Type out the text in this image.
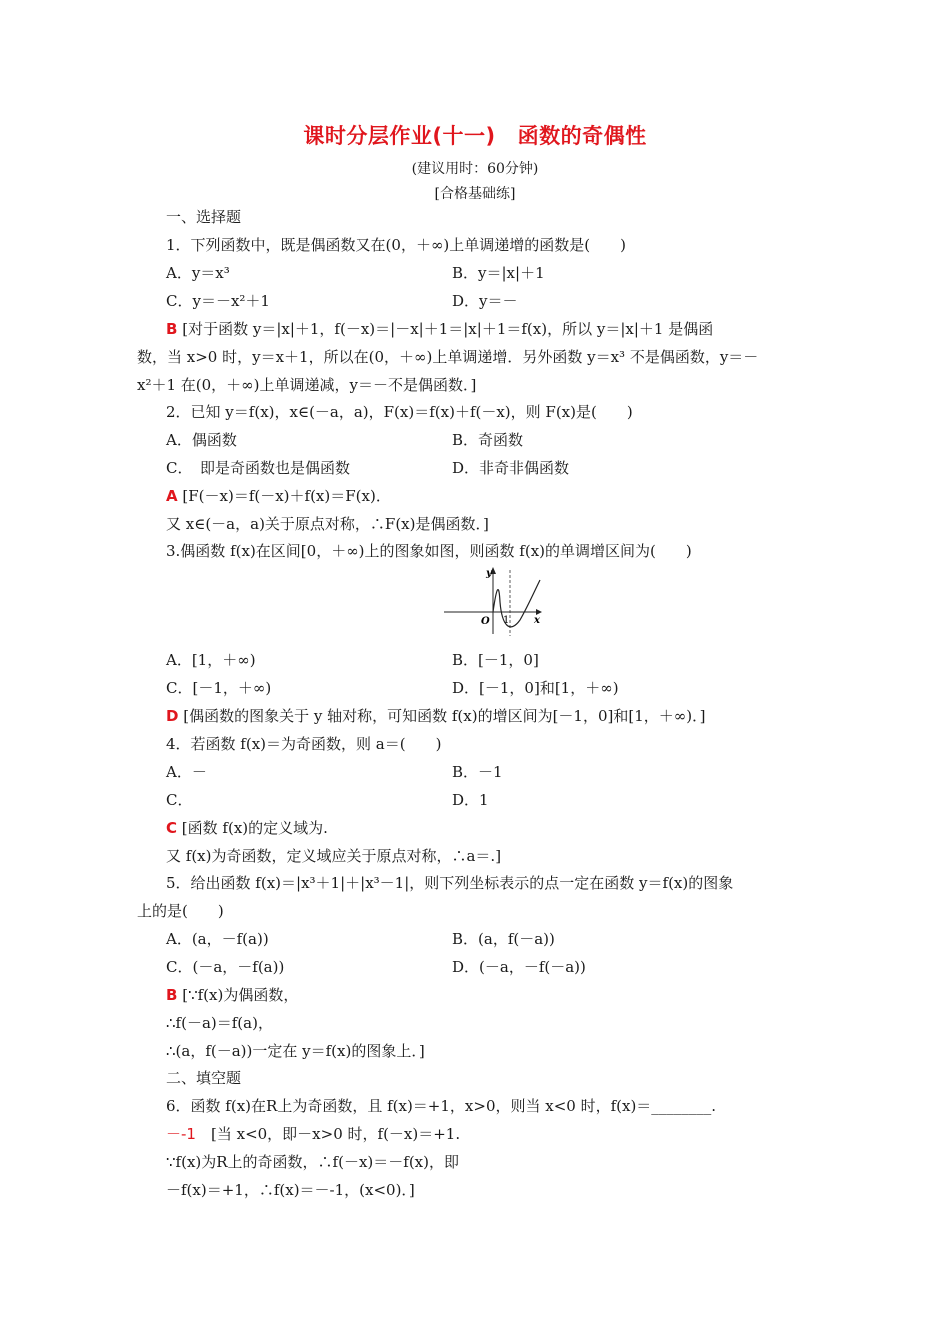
课时分层作业(十一) 函数的奇偶性
(建议用时：60分钟)
[合格基础练]
一、选择题
1．下列函数中，既是偶函数又在(0，＋∞)上单调递增的函数是(　　)
A．y＝x³	B．y＝|x|＋1
C．y＝－x²＋1	D．y＝－
B [对于函数 y＝|x|＋1，f(－x)＝|－x|＋1＝|x|＋1＝f(x)，所以 y＝|x|＋1 是偶函
数，当 x>0 时，y＝x＋1，所以在(0，＋∞)上单调递增．另外函数 y＝x³ 不是偶函数，y＝－
x²＋1 在(0，＋∞)上单调递减，y＝－不是偶函数．]
2．已知 y＝f(x)，x∈(－a，a)，F(x)＝f(x)＋f(－x)，则 F(x)是(　　)
A．偶函数	B．奇函数
C．　即是奇函数也是偶函数	D．非奇非偶函数
A [F(－x)＝f(－x)＋f(x)＝F(x)．
又 x∈(－a，a)关于原点对称，∴F(x)是偶函数．]
3.偶函数 f(x)在区间[0，＋∞)上的图象如图，则函数 f(x)的单调增区间为(　　)
y
O 1 x
A．[1，＋∞)	B．[－1，0]
C．[－1，＋∞)	D．[－1，0]和[1，＋∞)
D [偶函数的图象关于 y 轴对称，可知函数 f(x)的增区间为[－1，0]和[1，＋∞)．]
4．若函数 f(x)＝为奇函数，则 a＝(　　)
A．－	B．－1
C．	D．1
C [函数 f(x)的定义域为.
又 f(x)为奇函数，定义域应关于原点对称，∴a＝.]
5．给出函数 f(x)＝|x³＋1|＋|x³－1|，则下列坐标表示的点一定在函数 y＝f(x)的图象
上的是(　　)
A．(a，－f(a))	B．(a，f(－a))
C．(－a，－f(a))	D．(－a，－f(－a))
B [∵f(x)为偶函数，
∴f(－a)＝f(a)，
∴(a，f(－a))一定在 y＝f(x)的图象上．]
二、填空题
6．函数 f(x)在R上为奇函数，且 f(x)＝+1，x>0，则当 x<0 时，f(x)＝________.
－-1　 [当 x<0，即－x>0 时，f(－x)＝+1.
∵f(x)为R上的奇函数，∴f(－x)＝－f(x)，即
－f(x)＝+1，∴f(x)＝－-1，(x<0)．]
